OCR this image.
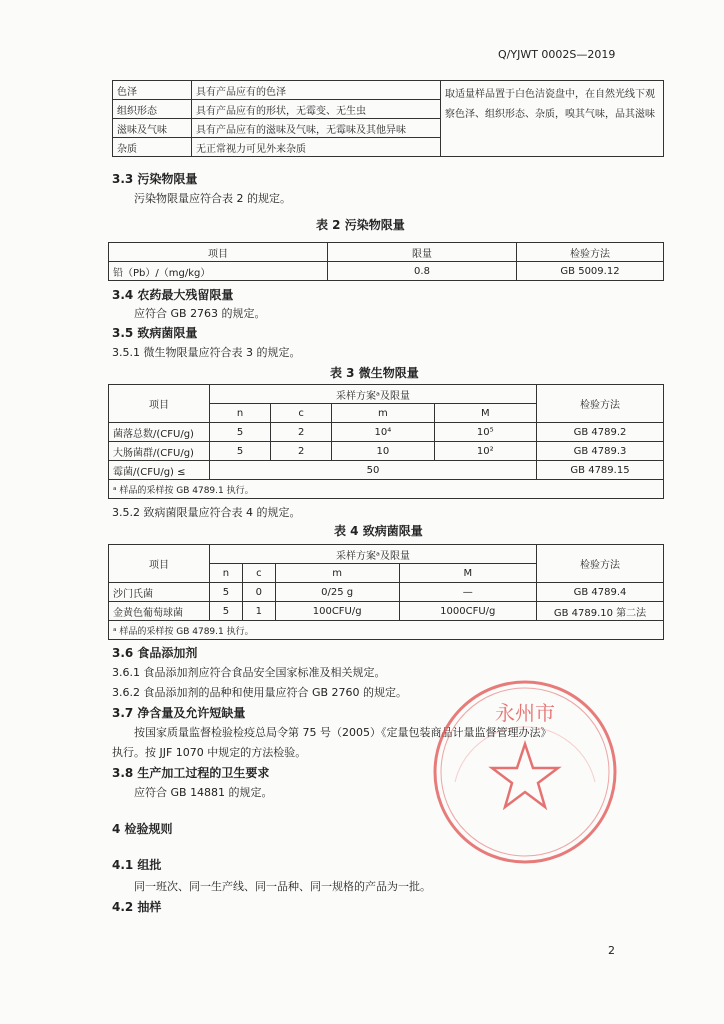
Q/YJWT 0002S—2019
色泽	具有产品应有的色泽	取适量样品置于白色洁瓷盘中，在自然光线下观察色泽、组织形态、杂质，嗅其气味，品其滋味
组织形态	具有产品应有的形状，无霉变、无生虫	
滋味及气味	具有产品应有的滋味及气味，无霉味及其他异味	
杂质	无正常视力可见外来杂质	
3.3 污染物限量
污染物限量应符合表 2 的规定。
表 2 污染物限量
项目	限量	检验方法
铅（Pb）/（mg/kg）	0.8	GB 5009.12
3.4 农药最大残留限量
应符合 GB 2763 的规定。
3.5 致病菌限量
3.5.1 微生物限量应符合表 3 的规定。
表 3 微生物限量
项目	采样方案ᵃ及限量				检验方法
	n	c	m	M	
菌落总数/(CFU/g)	5	2	10⁴	10⁵	GB 4789.2
大肠菌群/(CFU/g)	5	2	10	10²	GB 4789.3
霉菌/(CFU/g) ≤	50				GB 4789.15
ᵃ 样品的采样按 GB 4789.1 执行。					
3.5.2 致病菌限量应符合表 4 的规定。
表 4 致病菌限量
项目	采样方案ᵃ及限量				检验方法
	n	c	m	M	
沙门氏菌	5	0	0/25 g	—	GB 4789.4
金黄色葡萄球菌	5	1	100CFU/g	1000CFU/g	GB 4789.10 第二法
ᵃ 样品的采样按 GB 4789.1 执行。					
3.6 食品添加剂
3.6.1 食品添加剂应符合食品安全国家标准及相关规定。
3.6.2 食品添加剂的品种和使用量应符合 GB 2760 的规定。
3.7 净含量及允许短缺量
按国家质量监督检验检疫总局令第 75 号（2005）《定量包装商品计量监督管理办法》
执行。按 JJF 1070 中规定的方法检验。
3.8 生产加工过程的卫生要求
应符合 GB 14881 的规定。
4 检验规则
4.1 组批
同一班次、同一生产线、同一品种、同一规格的产品为一批。
4.2 抽样
永州市
2
